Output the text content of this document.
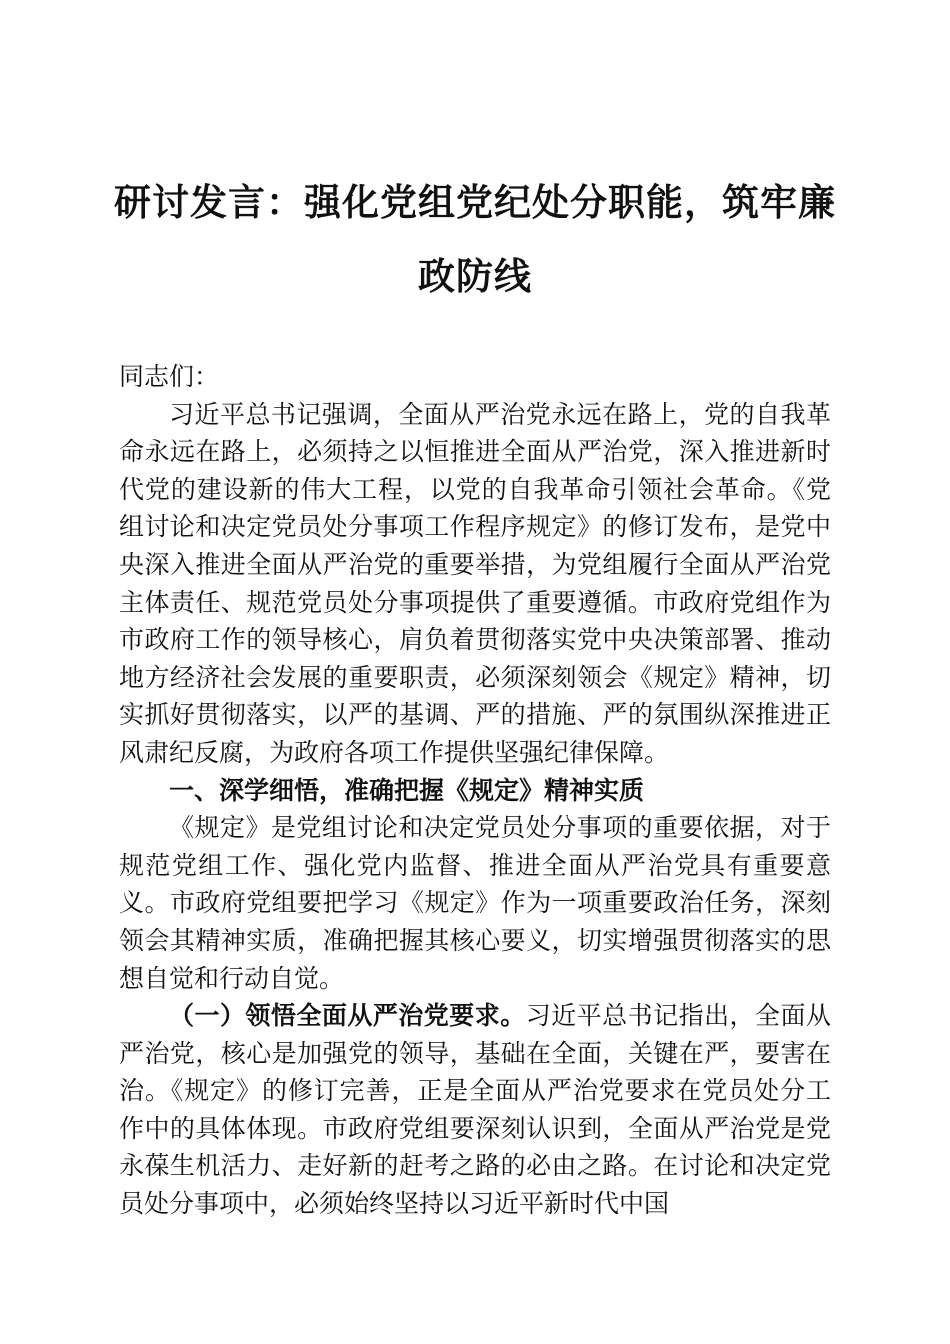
研讨发言：强化党组党纪处分职能，筑牢廉政防线

同志们：

习近平总书记强调，全面从严治党永远在路上，党的自我革命永远在路上，必须持之以恒推进全面从严治党，深入推进新时代党的建设新的伟大工程，以党的自我革命引领社会革命。《党组讨论和决定党员处分事项工作程序规定》的修订发布，是党中央深入推进全面从严治党的重要举措，为党组履行全面从严治党主体责任、规范党员处分事项提供了重要遵循。市政府党组作为市政府工作的领导核心，肩负着贯彻落实党中央决策部署、推动地方经济社会发展的重要职责，必须深刻领会《规定》精神，切实抓好贯彻落实，以严的基调、严的措施、严的氛围纵深推进正风肃纪反腐，为政府各项工作提供坚强纪律保障。

一、深学细悟，准确把握《规定》精神实质

《规定》是党组讨论和决定党员处分事项的重要依据，对于规范党组工作、强化党内监督、推进全面从严治党具有重要意义。市政府党组要把学习《规定》作为一项重要政治任务，深刻领会其精神实质，准确把握其核心要义，切实增强贯彻落实的思想自觉和行动自觉。

（一）领悟全面从严治党要求。习近平总书记指出，全面从严治党，核心是加强党的领导，基础在全面，关键在严，要害在治。《规定》的修订完善，正是全面从严治党要求在党员处分工作中的具体体现。市政府党组要深刻认识到，全面从严治党是党永葆生机活力、走好新的赶考之路的必由之路。在讨论和决定党员处分事项中，必须始终坚持以习近平新时代中国
